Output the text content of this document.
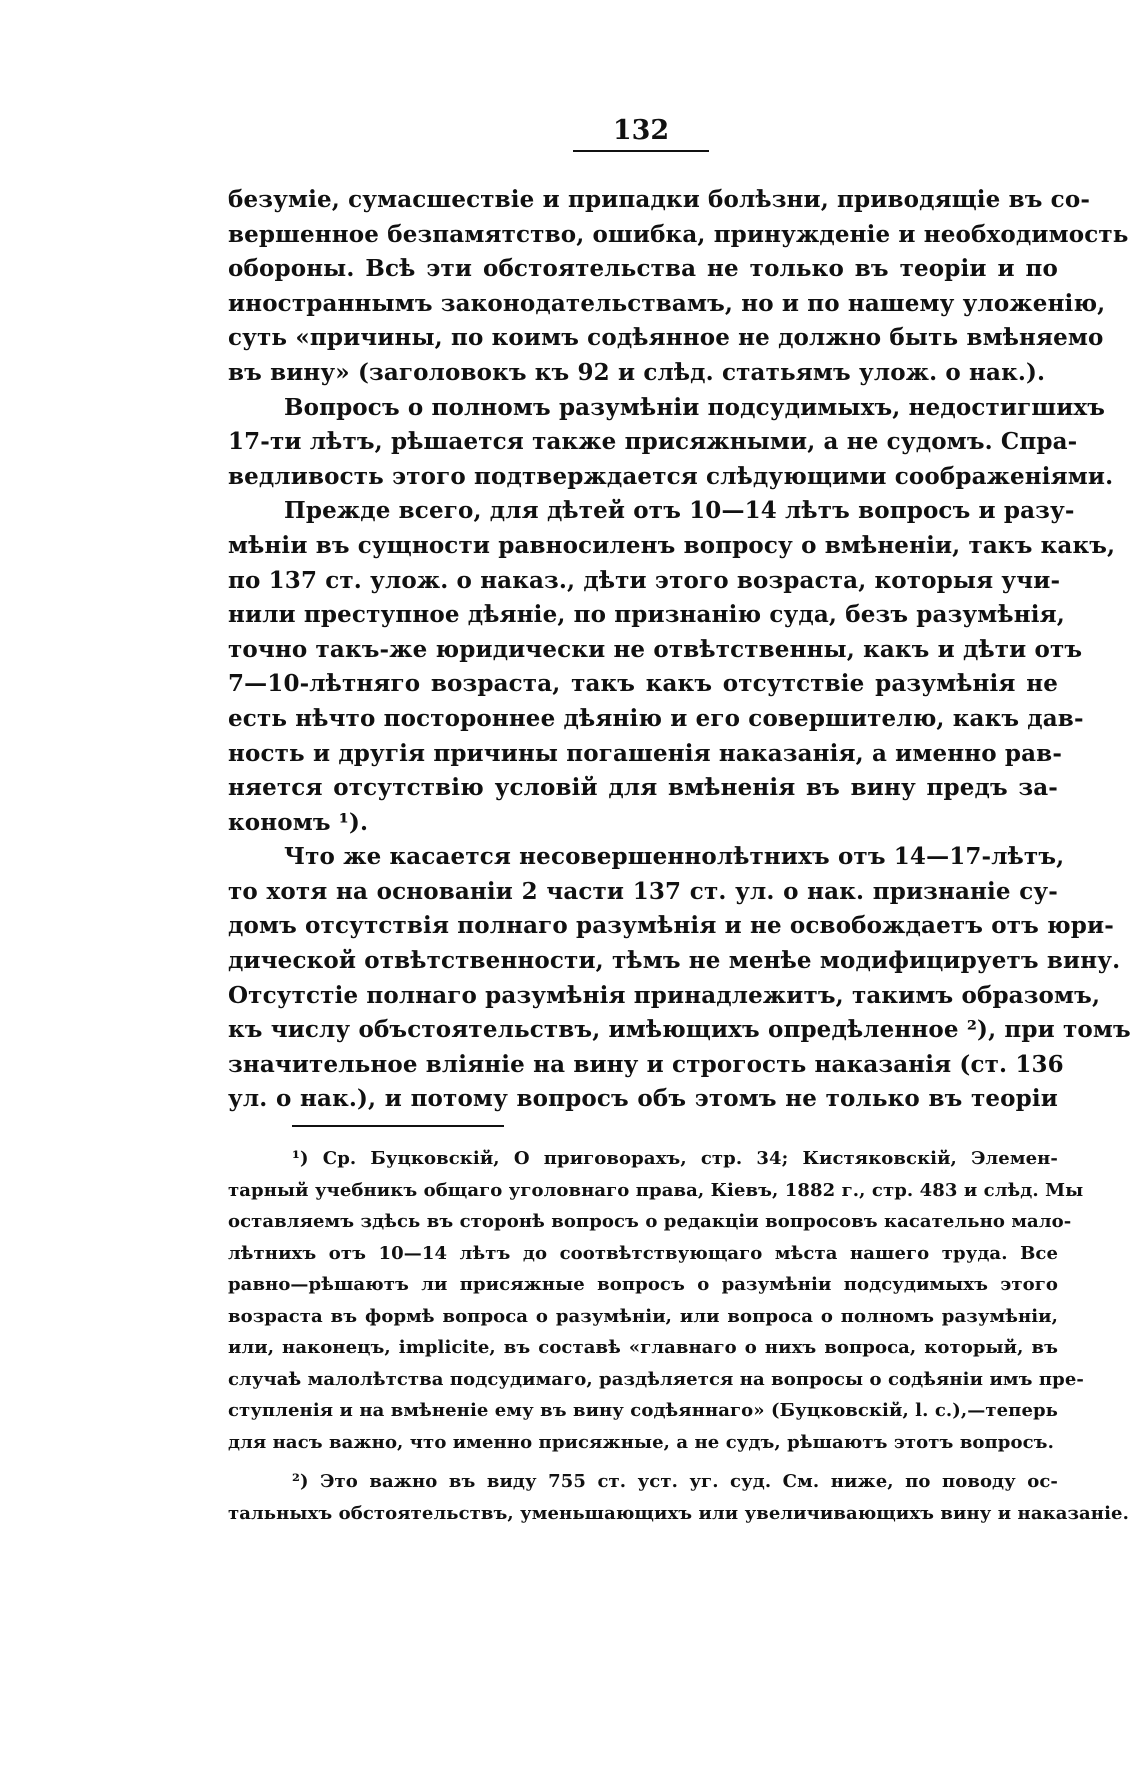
132
безуміе, сумасшествіе и припадки болѣзни, приводящіе въ со-
вершенное безпамятство, ошибка, принужденіе и необходимость
обороны. Всѣ эти обстоятельства не только въ теоріи и по
иностраннымъ законодательствамъ, но и по нашему уложенію,
суть «причины, по коимъ содѣянное не должно быть вмѣняемо
въ вину» (заголовокъ къ 92 и слѣд. статьямъ улож. о нак.).
Вопросъ о полномъ разумѣніи подсудимыхъ, недостигшихъ
17-ти лѣтъ, рѣшается также присяжными, а не судомъ. Спра-
ведливость этого подтверждается слѣдующими соображеніями.
Прежде всего, для дѣтей отъ 10—14 лѣтъ вопросъ и разу-
мѣніи въ сущности равносиленъ вопросу о вмѣненіи, такъ какъ,
по 137 ст. улож. о наказ., дѣти этого возраста, которыя учи-
нили преступное дѣяніе, по признанію суда, безъ разумѣнія,
точно такъ-же юридически не отвѣтственны, какъ и дѣти отъ
7—10-лѣтняго возраста, такъ какъ отсутствіе разумѣнія не
есть нѣчто постороннее дѣянію и его совершителю, какъ дав-
ность и другія причины погашенія наказанія, а именно рав-
няется отсутствію условій для вмѣненія въ вину предъ за-
кономъ ¹).
Что же касается несовершеннолѣтнихъ отъ 14—17-лѣтъ,
то хотя на основаніи 2 части 137 ст. ул. о нак. признаніе су-
домъ отсутствія полнаго разумѣнія и не освобождаетъ отъ юри-
дической отвѣтственности, тѣмъ не менѣе модифицируетъ вину.
Отсутстіе полнаго разумѣнія принадлежитъ, такимъ образомъ,
къ числу объстоятельствъ, имѣющихъ опредѣленное ²), при томъ
значительное вліяніе на вину и строгость наказанія (ст. 136
ул. о нак.), и потому вопросъ объ этомъ не только въ теоріи
¹) Ср. Буцковскій, О приговорахъ, стр. 34; Кистяковскій, Элемен-
тарный учебникъ общаго уголовнаго права, Кіевъ, 1882 г., стр. 483 и слѣд. Мы
оставляемъ здѣсь въ сторонѣ вопросъ о редакціи вопросовъ касательно мало-
лѣтнихъ отъ 10—14 лѣтъ до соотвѣтствующаго мѣста нашего труда. Все
равно—рѣшаютъ ли присяжные вопросъ о разумѣніи подсудимыхъ этого
возраста въ формѣ вопроса о разумѣніи, или вопроса о полномъ разумѣніи,
или, наконецъ, implicite, въ составѣ «главнаго о нихъ вопроса, который, въ
случаѣ малолѣтства подсудимаго, раздѣляется на вопросы о содѣяніи имъ пре-
ступленія и на вмѣненіе ему въ вину содѣяннаго» (Буцковскій, l. c.),—теперь
для насъ важно, что именно присяжные, а не судъ, рѣшаютъ этотъ вопросъ.
²) Это важно въ виду 755 ст. уст. уг. суд. См. ниже, по поводу ос-
тальныхъ обстоятельствъ, уменьшающихъ или увеличивающихъ вину и наказаніе.
